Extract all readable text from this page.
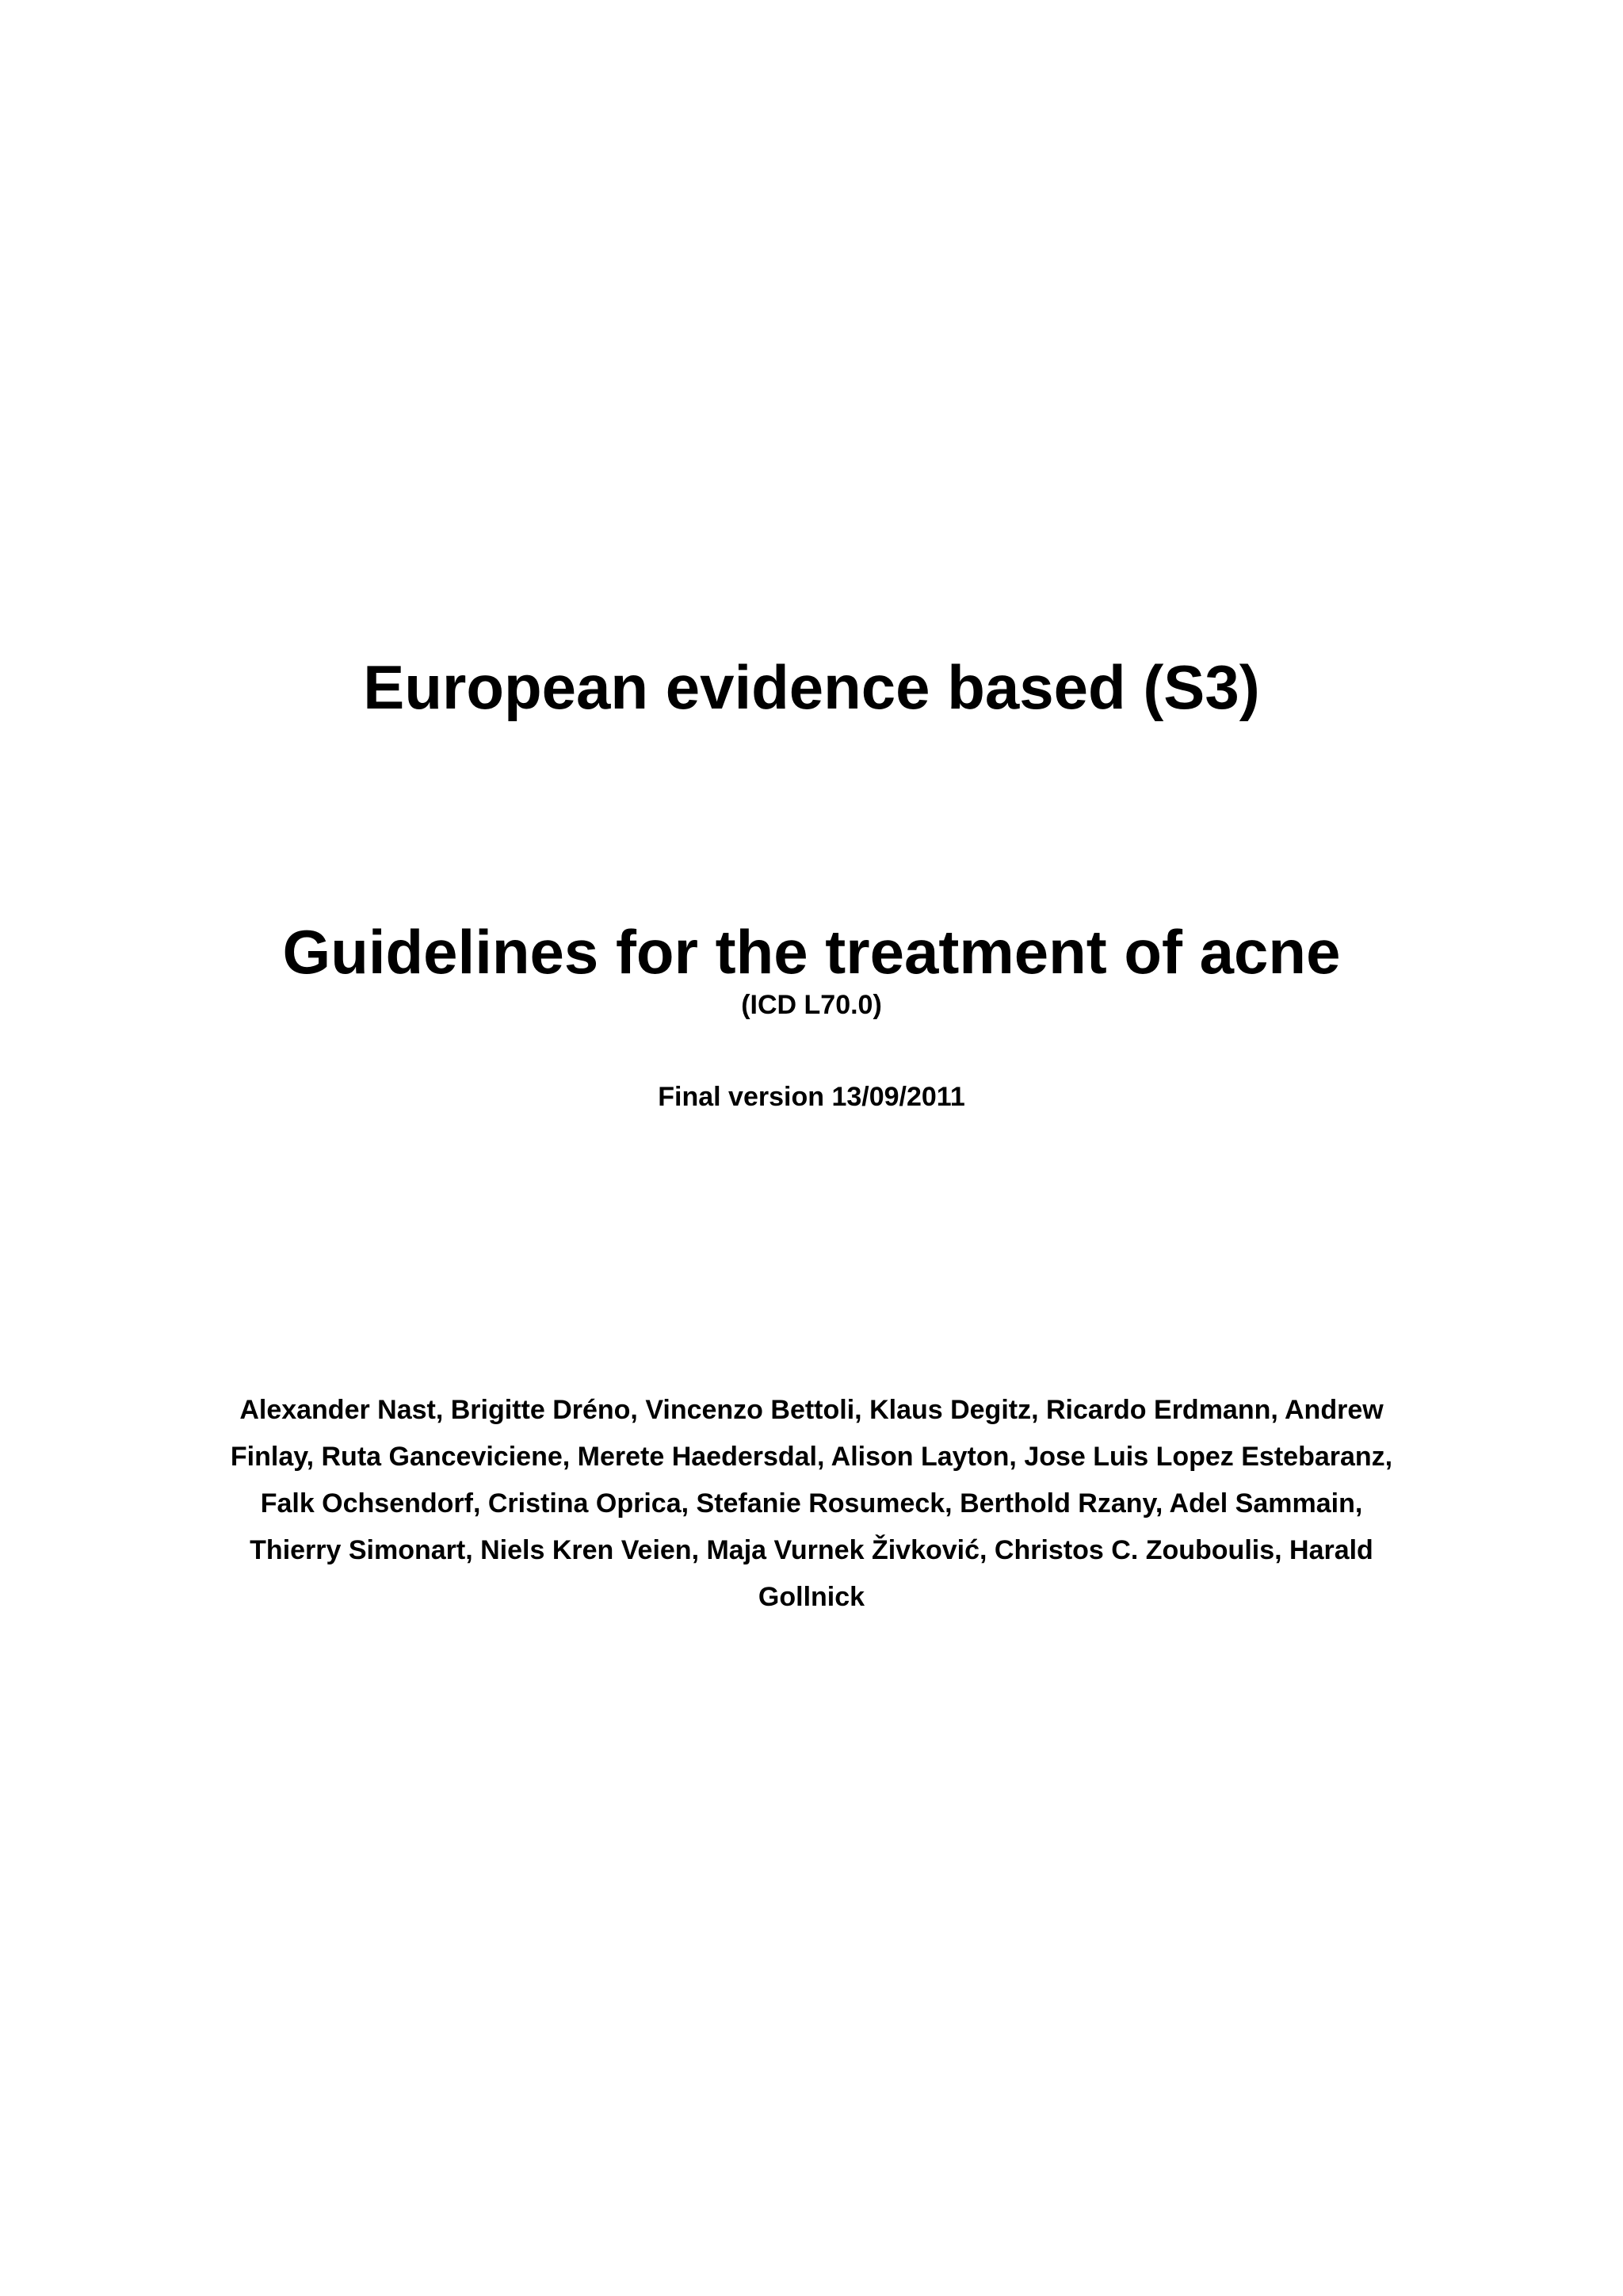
European evidence based (S3)
Guidelines for the treatment of acne
(ICD L70.0)
Final version 13/09/2011
Alexander Nast, Brigitte Dréno, Vincenzo Bettoli, Klaus Degitz, Ricardo Erdmann, Andrew
Finlay, Ruta Ganceviciene, Merete Haedersdal, Alison Layton, Jose Luis Lopez Estebaranz,
Falk Ochsendorf, Cristina Oprica, Stefanie Rosumeck, Berthold Rzany, Adel Sammain,
Thierry Simonart, Niels Kren Veien, Maja Vurnek Živković, Christos C. Zouboulis, Harald
Gollnick
